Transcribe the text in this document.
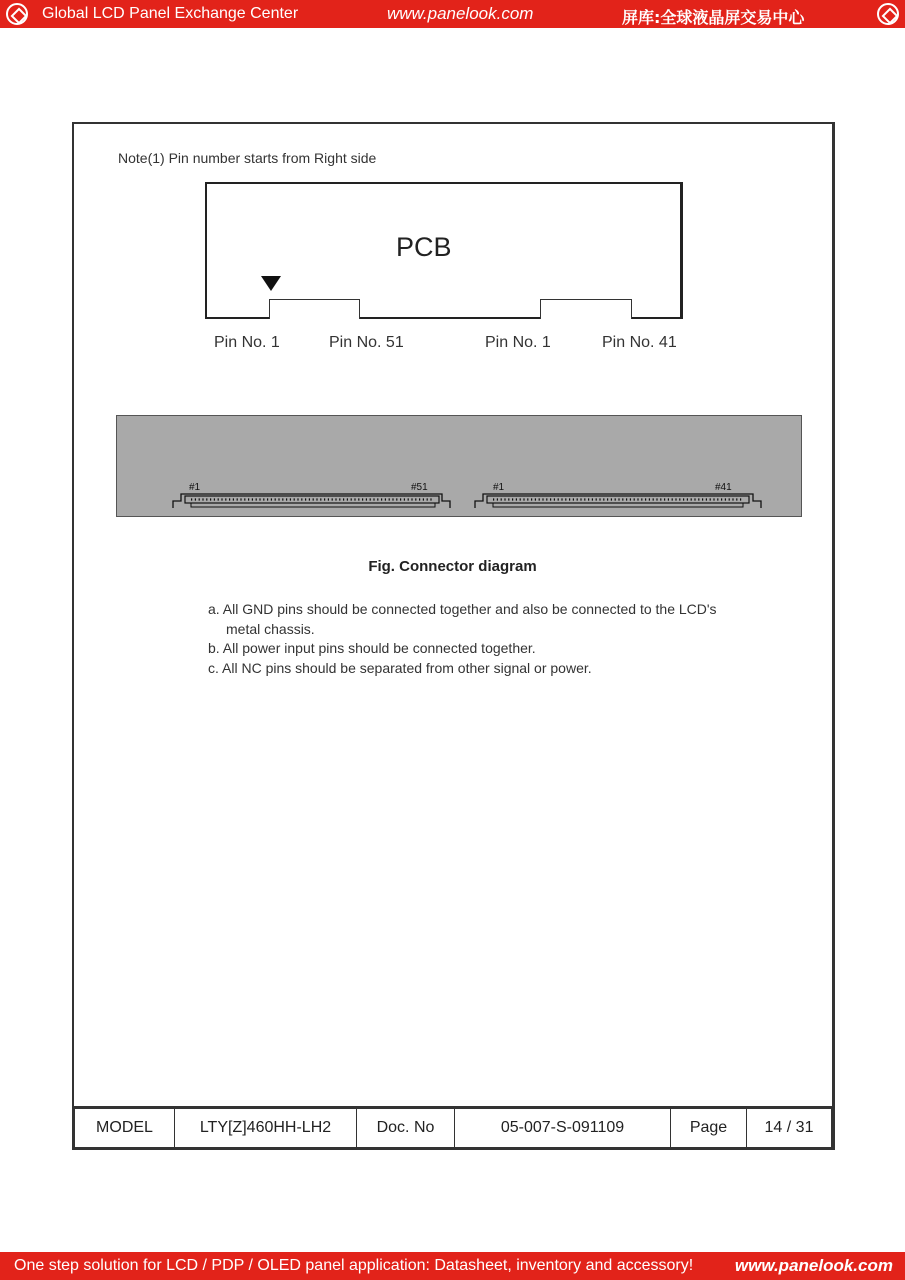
Global LCD Panel Exchange Center	www.panelook.com	屏库:全球液晶屏交易中心
Note(1) Pin number starts from Right side
PCB
Pin No. 1	Pin No. 51	Pin No. 1	Pin No. 41
#1	#51	#1	#41
Fig. Connector diagram
a. All GND pins should be connected together and also be connected to the LCD's
metal chassis.
b. All power input pins should be connected together.
c. All NC pins should be separated from other signal or power.
MODEL	LTY[Z]460HH-LH2	Doc. No	05-007-S-091109	Page	14 / 31
One step solution for LCD / PDP / OLED panel application: Datasheet, inventory and accessory! www.panelook.com
